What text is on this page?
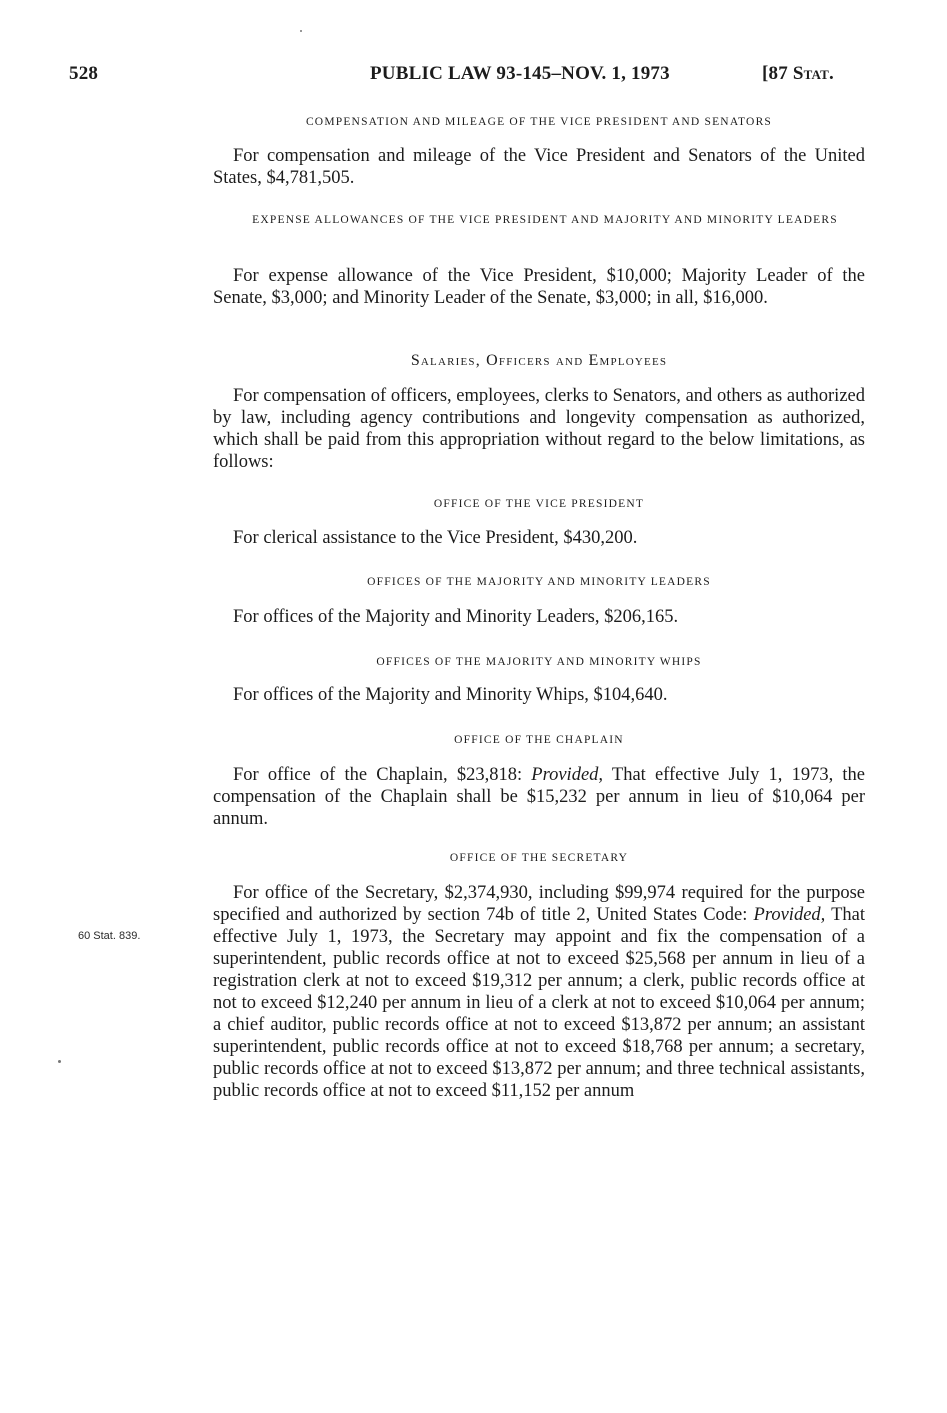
528	PUBLIC LAW 93-145–NOV. 1, 1973	[87 Stat.
COMPENSATION AND MILEAGE OF THE VICE PRESIDENT AND SENATORS

For compensation and mileage of the Vice President and Senators of the United States, $4,781,505.

EXPENSE ALLOWANCES OF THE VICE PRESIDENT AND MAJORITY AND MINORITY LEADERS

For expense allowance of the Vice President, $10,000; Majority Leader of the Senate, $3,000; and Minority Leader of the Senate, $3,000; in all, $16,000.

Salaries, Officers and Employees

For compensation of officers, employees, clerks to Senators, and others as authorized by law, including agency contributions and longevity compensation as authorized, which shall be paid from this appropriation without regard to the below limitations, as follows:

OFFICE OF THE VICE PRESIDENT

For clerical assistance to the Vice President, $430,200.

OFFICES OF THE MAJORITY AND MINORITY LEADERS

For offices of the Majority and Minority Leaders, $206,165.

OFFICES OF THE MAJORITY AND MINORITY WHIPS

For offices of the Majority and Minority Whips, $104,640.

OFFICE OF THE CHAPLAIN

For office of the Chaplain, $23,818: Provided, That effective July 1, 1973, the compensation of the Chaplain shall be $15,232 per annum in lieu of $10,064 per annum.

OFFICE OF THE SECRETARY

For office of the Secretary, $2,374,930, including $99,974 required for the purpose specified and authorized by section 74b of title 2, United States Code: Provided, That effective July 1, 1973, the Secretary may appoint and fix the compensation of a superintendent, public records office at not to exceed $25,568 per annum in lieu of a registration clerk at not to exceed $19,312 per annum; a clerk, public records office at not to exceed $12,240 per annum in lieu of a clerk at not to exceed $10,064 per annum; a chief auditor, public records office at not to exceed $13,872 per annum; an assistant superintendent, public records office at not to exceed $18,768 per annum; a secretary, public records office at not to exceed $13,872 per annum; and three technical assistants, public records office at not to exceed $11,152 per annum

60 Stat. 839.
